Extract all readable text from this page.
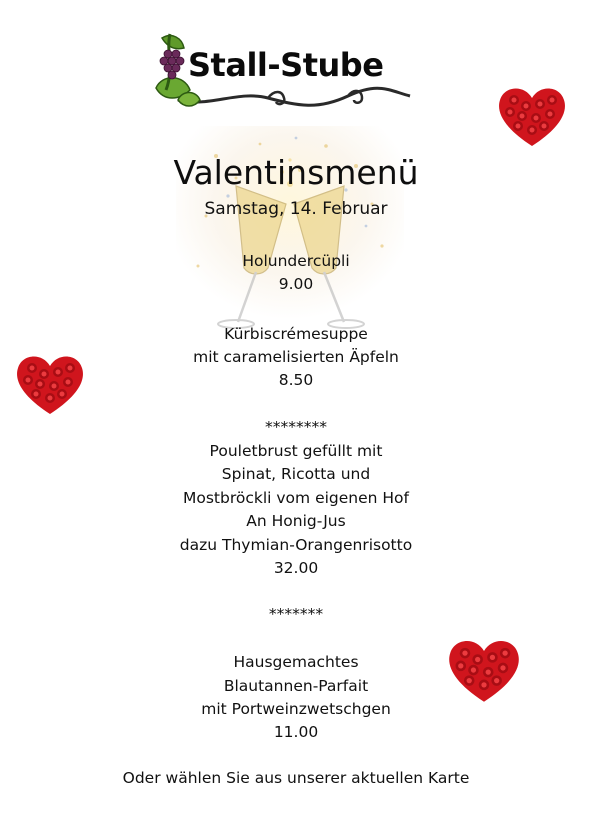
Stall-Stube
Valentinsmenü
Samstag, 14. Februar
Holundercüpli
9.00
Kürbiscrémesuppe
mit caramelisierten Äpfeln
8.50
********
Pouletbrust gefüllt mit
Spinat, Ricotta und
Mostbröckli vom eigenen Hof
An Honig-Jus
dazu Thymian-Orangenrisotto
32.00
*******
Hausgemachtes
Blautannen-Parfait
mit Portweinzwetschgen
11.00
Oder wählen Sie aus unserer aktuellen Karte
